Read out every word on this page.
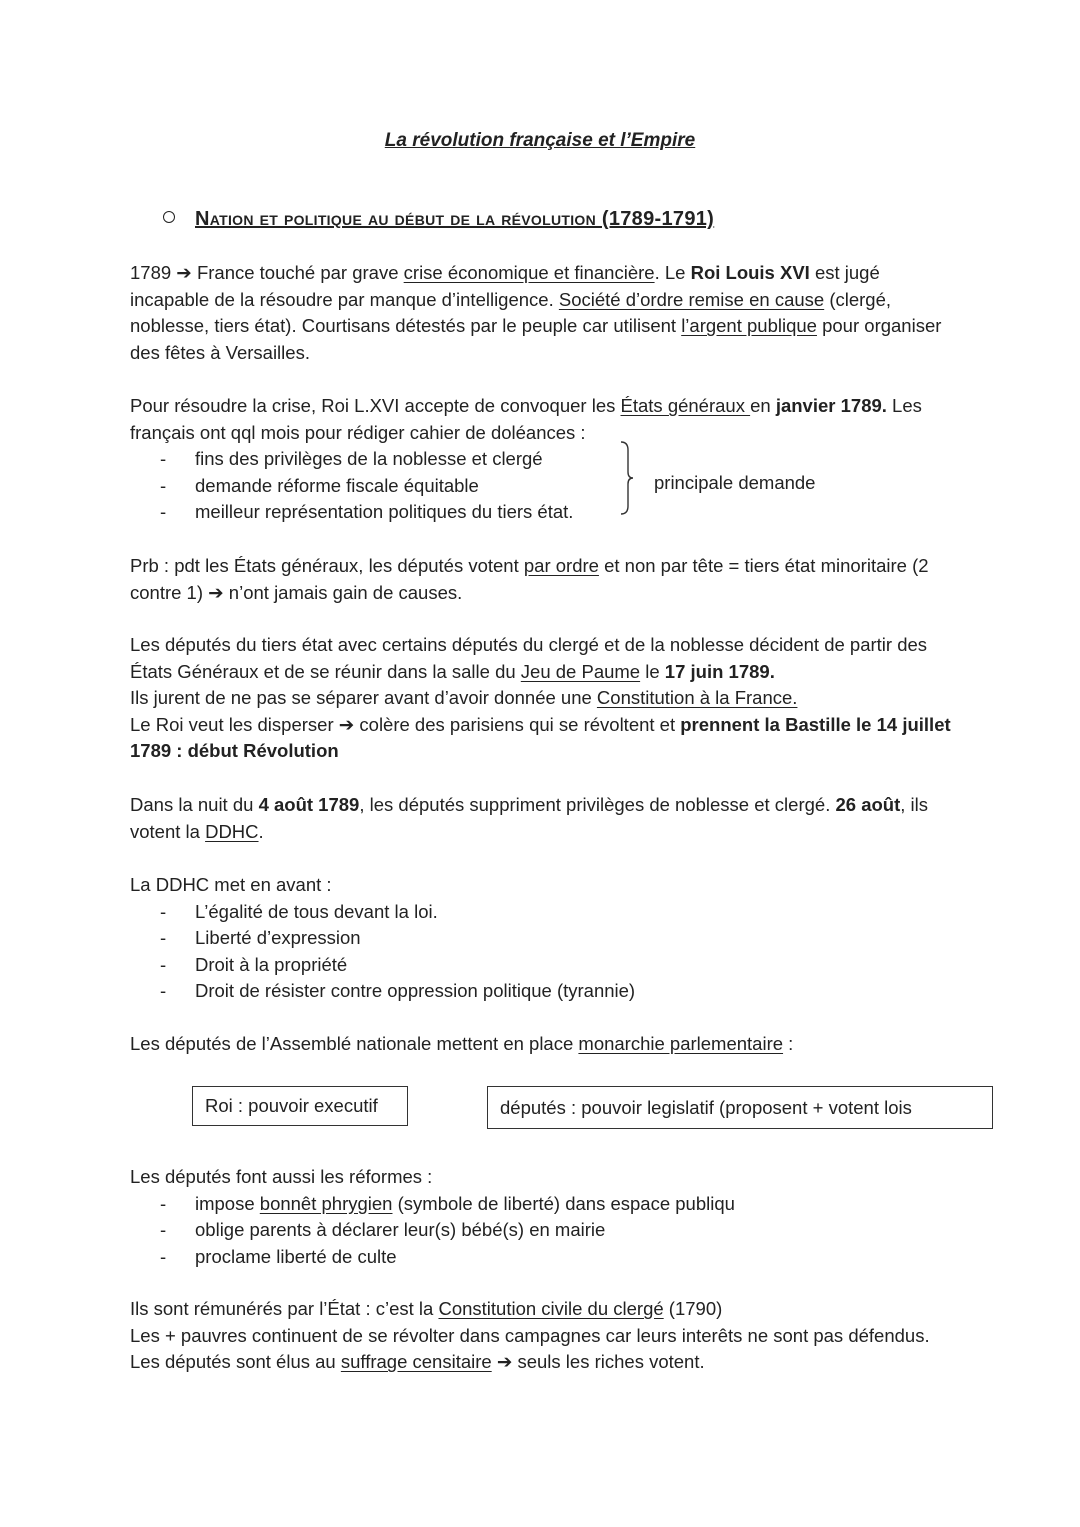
La révolution française et l’Empire
Nation et politique au début de la révolution (1789-1791)

1789 ➔ France touché par grave crise économique et financière. Le Roi Louis XVI est jugé incapable de la résoudre par manque d’intelligence. Société d’ordre remise en cause (clergé, noblesse, tiers état). Courtisans détestés par le peuple car utilisent l’argent publique pour organiser des fêtes à Versailles.

Pour résoudre la crise, Roi L.XVI accepte de convoquer les États généraux en janvier 1789. Les français ont qql mois pour rédiger cahier de doléances :

- fins des privilèges de la noblesse et clergé
- demande réforme fiscale équitable
- meilleur représentation politiques du tiers état.
principale demande

Prb : pdt les États généraux, les députés votent par ordre et non par tête = tiers état minoritaire (2 contre 1) ➔ n’ont jamais gain de causes.

Les députés du tiers état avec certains députés du clergé et de la noblesse décident de partir des États Généraux et de se réunir dans la salle du Jeu de Paume le 17 juin 1789.

Ils jurent de ne pas se séparer avant d’avoir donnée une Constitution à la France.

Le Roi veut les disperser ➔ colère des parisiens qui se révoltent et prennent la Bastille le 14 juillet 1789 : début Révolution

Dans la nuit du 4 août 1789, les députés suppriment privilèges de noblesse et clergé. 26 août, ils votent la DDHC.

La DDHC met en avant :

- L’égalité de tous devant la loi.
- Liberté d’expression
- Droit à la propriété
- Droit de résister contre oppression politique (tyrannie)

Les députés de l’Assemblé nationale mettent en place monarchie parlementaire :

Roi : pouvoir executif	députés : pouvoir legislatif (proposent + votent lois

Les députés font aussi les réformes :

- impose bonnêt phrygien (symbole de liberté) dans espace publiqu
- oblige parents à déclarer leur(s) bébé(s) en mairie
- proclame liberté de culte

Ils sont rémunérés par l’État : c’est la Constitution civile du clergé (1790)

Les + pauvres continuent de se révolter dans campagnes car leurs interêts ne sont pas défendus. Les députés sont élus au suffrage censitaire ➔ seuls les riches votent.
